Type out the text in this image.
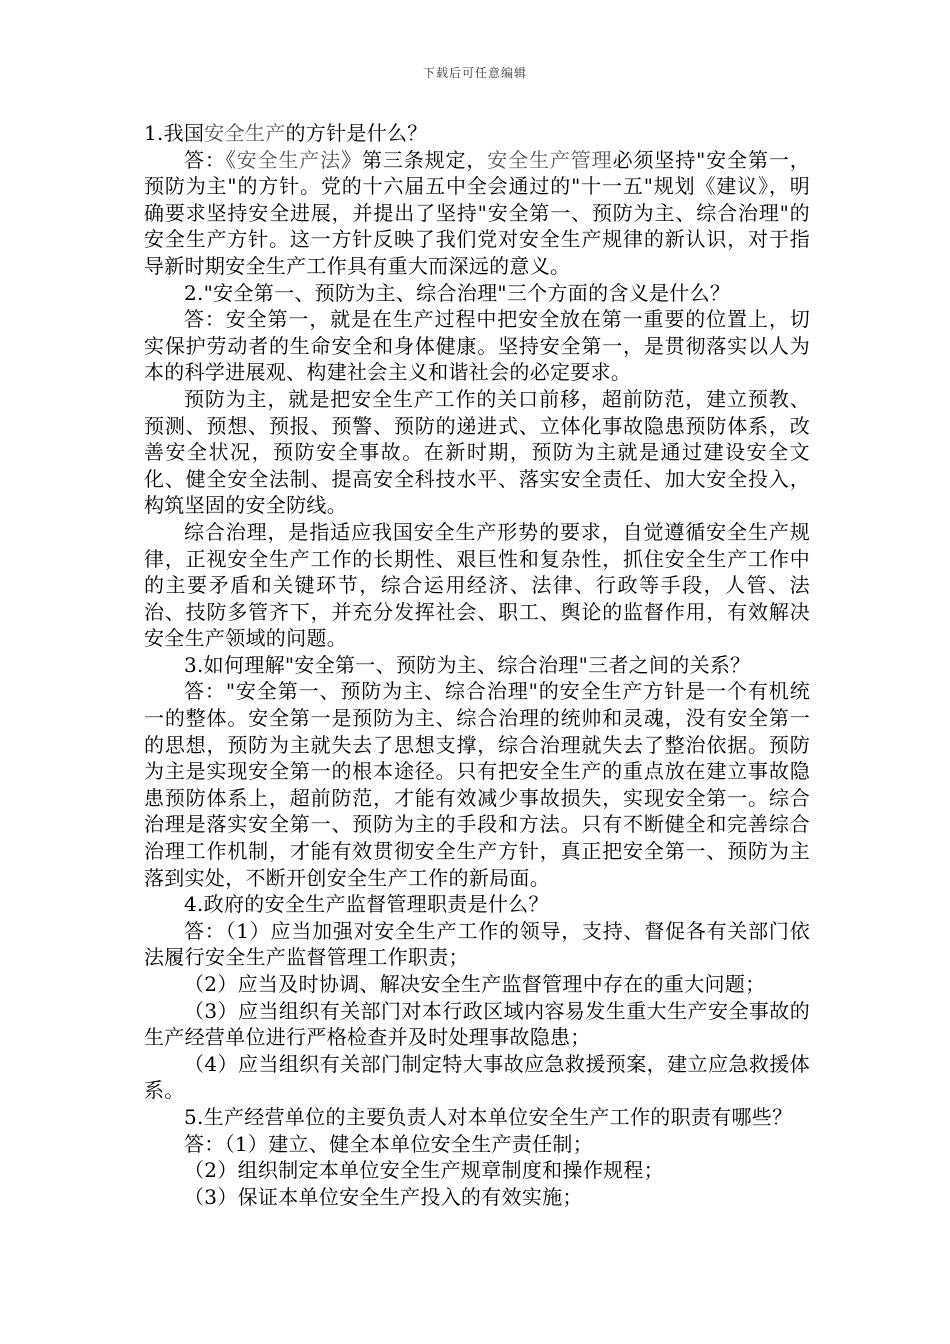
下载后可任意编辑

1.我国安全生产的方针是什么？

答：《安全生产法》第三条规定，安全生产管理必须坚持"安全第一，预防为主"的方针。党的十六届五中全会通过的"十一五"规划《建议》，明确要求坚持安全进展，并提出了坚持"安全第一、预防为主、综合治理"的安全生产方针。这一方针反映了我们党对安全生产规律的新认识，对于指导新时期安全生产工作具有重大而深远的意义。

2."安全第一、预防为主、综合治理"三个方面的含义是什么？

答：安全第一，就是在生产过程中把安全放在第一重要的位置上，切实保护劳动者的生命安全和身体健康。坚持安全第一，是贯彻落实以人为本的科学进展观、构建社会主义和谐社会的必定要求。

预防为主，就是把安全生产工作的关口前移，超前防范，建立预教、预测、预想、预报、预警、预防的递进式、立体化事故隐患预防体系，改善安全状况，预防安全事故。在新时期，预防为主就是通过建设安全文化、健全安全法制、提高安全科技水平、落实安全责任、加大安全投入，构筑坚固的安全防线。

综合治理，是指适应我国安全生产形势的要求，自觉遵循安全生产规律，正视安全生产工作的长期性、艰巨性和复杂性，抓住安全生产工作中的主要矛盾和关键环节，综合运用经济、法律、行政等手段，人管、法治、技防多管齐下，并充分发挥社会、职工、舆论的监督作用，有效解决安全生产领域的问题。

3.如何理解"安全第一、预防为主、综合治理"三者之间的关系？

答："安全第一、预防为主、综合治理"的安全生产方针是一个有机统一的整体。安全第一是预防为主、综合治理的统帅和灵魂，没有安全第一的思想，预防为主就失去了思想支撑，综合治理就失去了整治依据。预防为主是实现安全第一的根本途径。只有把安全生产的重点放在建立事故隐患预防体系上，超前防范，才能有效减少事故损失，实现安全第一。综合治理是落实安全第一、预防为主的手段和方法。只有不断健全和完善综合治理工作机制，才能有效贯彻安全生产方针，真正把安全第一、预防为主落到实处，不断开创安全生产工作的新局面。

4.政府的安全生产监督管理职责是什么？

答：（1）应当加强对安全生产工作的领导，支持、督促各有关部门依法履行安全生产监督管理工作职责；

（2）应当及时协调、解决安全生产监督管理中存在的重大问题；

（3）应当组织有关部门对本行政区域内容易发生重大生产安全事故的生产经营单位进行严格检查并及时处理事故隐患；

（4）应当组织有关部门制定特大事故应急救援预案，建立应急救援体系。

5.生产经营单位的主要负责人对本单位安全生产工作的职责有哪些？

答：（1）建立、健全本单位安全生产责任制；

（2）组织制定本单位安全生产规章制度和操作规程；

（3）保证本单位安全生产投入的有效实施；
